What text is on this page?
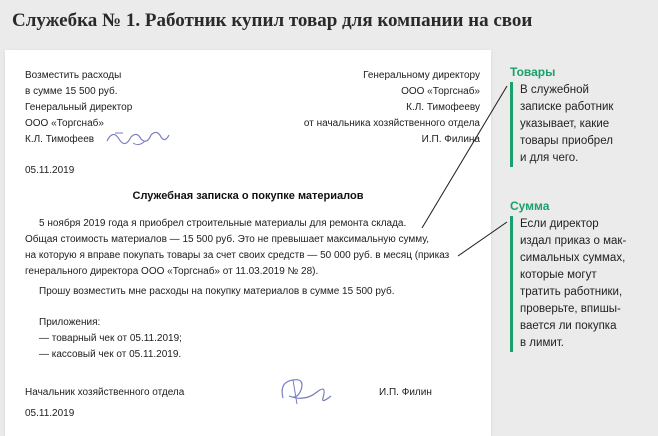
Служебка № 1. Работник купил товар для компании на свои
Возместить расходы
в сумме 15 500 руб.
Генеральный директор
ООО «Торгснаб»
К.Л. Тимофеев
Генеральному директору
ООО «Торгснаб»
К.Л. Тимофееву
от начальника хозяйственного отдела
И.П. Филина
05.11.2019
Служебная записка о покупке материалов
5 ноября 2019 года я приобрел строительные материалы для ремонта склада.
Общая стоимость материалов — 15 500 руб. Это не превышает максимальную сумму,
на которую я вправе покупать товары за счет своих средств — 50 000 руб. в месяц (приказ
генерального директора ООО «Торгснаб» от 11.03.2019 № 28).
Прошу возместить мне расходы на покупку материалов в сумме 15 500 руб.
Приложения:
— товарный чек от 05.11.2019;
— кассовый чек от 05.11.2019.
Начальник хозяйственного отдела	И.П. Филин
05.11.2019
Товары
В служебной
записке работник
указывает, какие
товары приобрел
и для чего.
Сумма
Если директор
издал приказ о мак-
симальных суммах,
которые могут
тратить работники,
проверьте, впишы-
вается ли покупка
в лимит.
